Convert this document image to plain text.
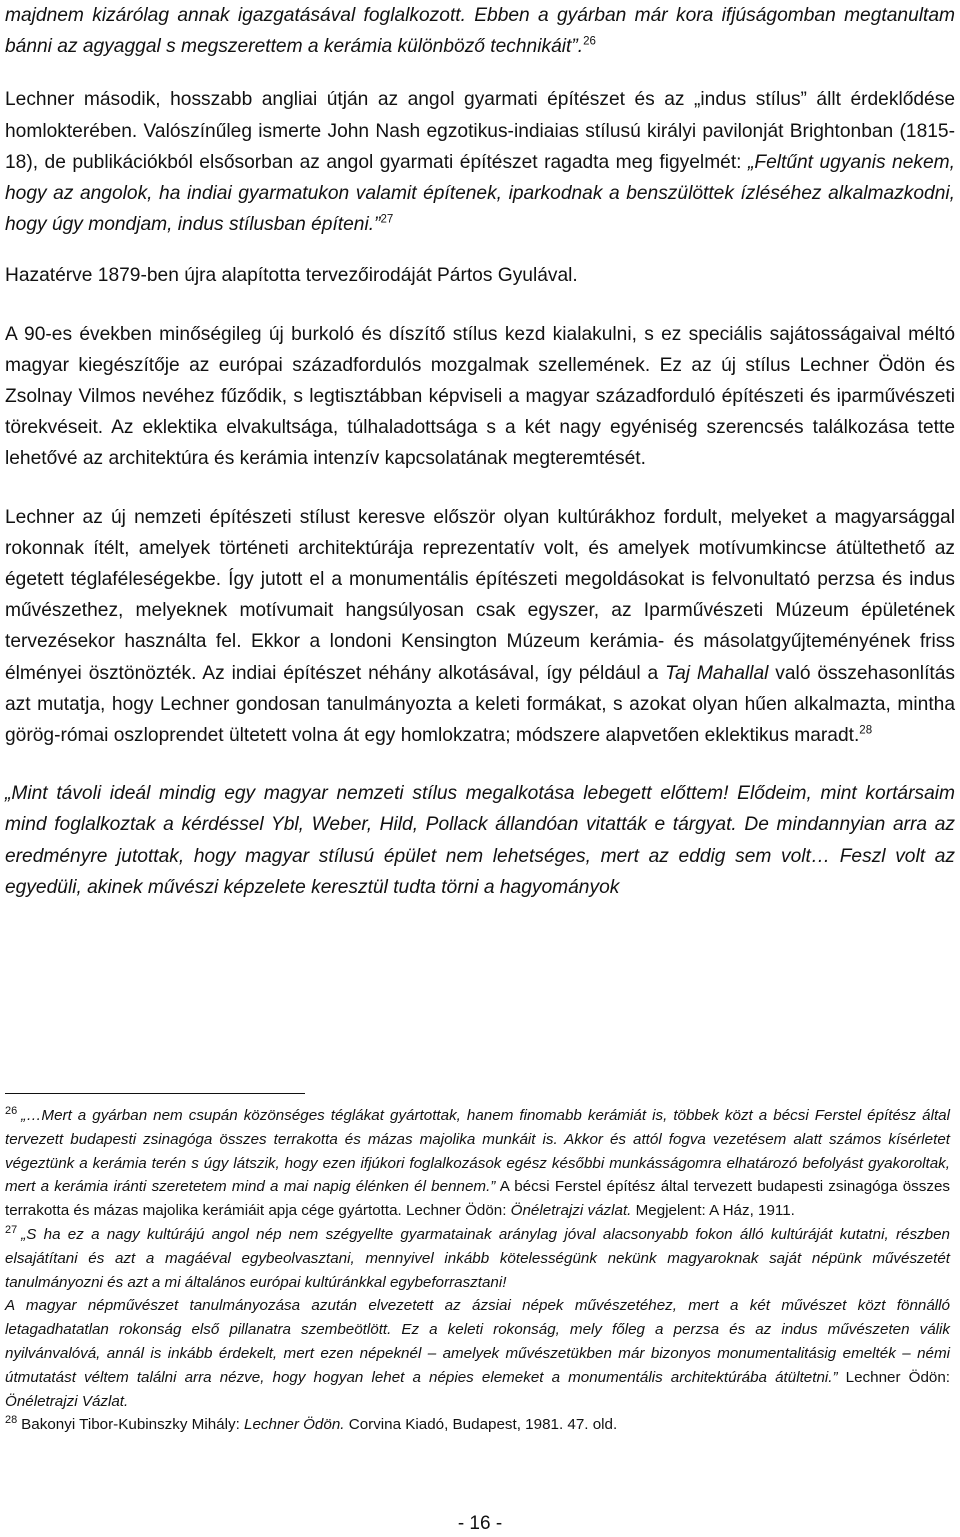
majdnem kizárólag annak igazgatásával foglalkozott. Ebben a gyárban már kora ifjúságomban megtanultam bánni az agyaggal s megszerettem a kerámia különböző technikáit”.$^{26}$

Lechner második, hosszabb angliai útján az angol gyarmati építészet és az „indus stílus” állt érdeklődése homlokterében. Valószínűleg ismerte John Nash egzotikus-indiaias stílusú királyi pavilonját Brightonban (1815-18), de publikációkból elsősorban az angol gyarmati építészet ragadta meg figyelmét: „Feltűnt ugyanis nekem, hogy az angolok, ha indiai gyarmatukon valamit építenek, iparkodnak a benszülöttek ízléséhez alkalmazkodni, hogy úgy mondjam, indus stílusban építeni.”$^{27}$

Hazatérve 1879-ben újra alapította tervezőirodáját Pártos Gyulával.

A 90-es években minőségileg új burkoló és díszítő stílus kezd kialakulni, s ez speciális sajátosságaival méltó magyar kiegészítője az európai századfordulós mozgalmak szellemének. Ez az új stílus Lechner Ödön és Zsolnay Vilmos nevéhez fűződik, s legtisztábban képviseli a magyar századforduló építészeti és iparművészeti törekvéseit. Az eklektika elvakultsága, túlhaladottsága s a két nagy egyéniség szerencsés találkozása tette lehetővé az architektúra és kerámia intenzív kapcsolatának megteremtését.

Lechner az új nemzeti építészeti stílust keresve először olyan kultúrákhoz fordult, melyeket a magyarsággal rokonnak ítélt, amelyek történeti architektúrája reprezentatív volt, és amelyek motívumkincse átültethető az égetett téglaféleségekbe. Így jutott el a monumentális építészeti megoldásokat is felvonultató perzsa és indus művészethez, melyeknek motívumait hangsúlyosan csak egyszer, az Iparművészeti Múzeum épületének tervezésekor használta fel. Ekkor a londoni Kensington Múzeum kerámia- és másolatgyűjteményének friss élményei ösztönözték. Az indiai építészet néhány alkotásával, így például a Taj Mahallal való összehasonlítás azt mutatja, hogy Lechner gondosan tanulmányozta a keleti formákat, s azokat olyan hűen alkalmazta, mintha görög-római oszloprendet ültetett volna át egy homlokzatra; módszere alapvetően eklektikus maradt.$^{28}$

„Mint távoli ideál mindig egy magyar nemzeti stílus megalkotása lebegett előttem! Elődeim, mint kortársaim mind foglalkoztak a kérdéssel Ybl, Weber, Hild, Pollack állandóan vitatták e tárgyat. De mindannyian arra az eredményre jutottak, hogy magyar stílusú épület nem lehetséges, mert az eddig sem volt… Feszl volt az egyedüli, akinek művészi képzelete keresztül tudta törni a hagyományok

$^{26}$ „…Mert a gyárban nem csupán közönséges téglákat gyártottak, hanem finomabb kerámiát is, többek közt a bécsi Ferstel építész által tervezett budapesti zsinagóga összes terrakotta és mázas majolika munkáit is. Akkor és attól fogva vezetésem alatt számos kísérletet végeztünk a kerámia terén s úgy látszik, hogy ezen ifjúkori foglalkozások egész későbbi munkásságomra elhatározó befolyást gyakoroltak, mert a kerámia iránti szeretetem mind a mai napig élénken él bennem.” A bécsi Ferstel építész által tervezett budapesti zsinagóga összes terrakotta és mázas majolika kerámiáit apja cége gyártotta. Lechner Ödön: Önéletrajzi vázlat. Megjelent: A Ház, 1911.

$^{27}$ „S ha ez a nagy kultúrájú angol nép nem szégyellte gyarmatainak aránylag jóval alacsonyabb fokon álló kultúráját kutatni, részben elsajátítani és azt a magáéval egybeolvasztani, mennyivel inkább kötelességünk nekünk magyaroknak saját népünk művészetét tanulmányozni és azt a mi általános európai kultúránkkal egybeforrasztani!

A magyar népművészet tanulmányozása azután elvezetett az ázsiai népek művészetéhez, mert a két művészet közt fönnálló letagadhatatlan rokonság első pillanatra szembeötlött. Ez a keleti rokonság, mely főleg a perzsa és az indus művészeten válik nyilvánvalóvá, annál is inkább érdekelt, mert ezen népeknél – amelyek művészetükben már bizonyos monumentalitásig emelték – némi útmutatást véltem találni arra nézve, hogy hogyan lehet a népies elemeket a monumentális architektúrába átültetni.” Lechner Ödön: Önéletrajzi Vázlat.

$^{28}$ Bakonyi Tibor-Kubinszky Mihály: Lechner Ödön. Corvina Kiadó, Budapest, 1981. 47. old.

- 16 -
